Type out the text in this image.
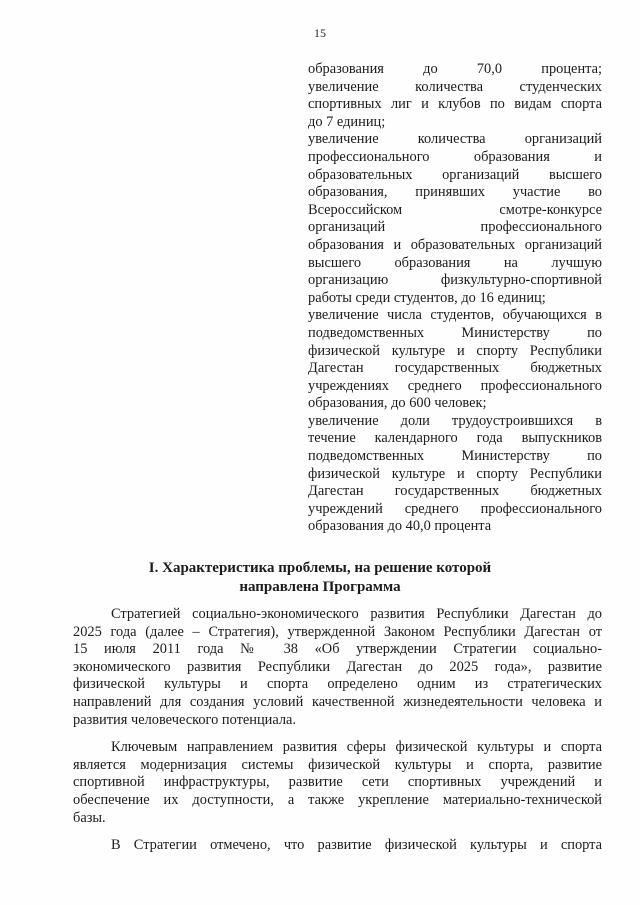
15
образования до 70,0 процента;
увеличение количества студенческих
спортивных лиг и клубов по видам спорта
до 7 единиц;
увеличение количества организаций
профессионального образования и
образовательных организаций высшего
образования, принявших участие во
Всероссийском смотре-конкурсе
организаций профессионального
образования и образовательных организаций
высшего образования на лучшую
организацию физкультурно-спортивной
работы среди студентов, до 16 единиц;
увеличение числа студентов, обучающихся в
подведомственных Министерству по
физической культуре и спорту Республики
Дагестан государственных бюджетных
учреждениях среднего профессионального
образования, до 600 человек;
увеличение доли трудоустроившихся в
течение календарного года выпускников
подведомственных Министерству по
физической культуре и спорту Республики
Дагестан государственных бюджетных
учреждений среднего профессионального
образования до 40,0 процента
I. Характеристика проблемы, на решение которой
направлена Программа
Стратегией социально-экономического развития Республики Дагестан до
2025 года (далее – Стратегия), утвержденной Законом Республики Дагестан от
15 июля 2011 года № 38 «Об утверждении Стратегии социально-
экономического развития Республики Дагестан до 2025 года», развитие
физической культуры и спорта определено одним из стратегических
направлений для создания условий качественной жизнедеятельности человека и
развития человеческого потенциала.
Ключевым направлением развития сферы физической культуры и спорта
является модернизация системы физической культуры и спорта, развитие
спортивной инфраструктуры, развитие сети спортивных учреждений и
обеспечение их доступности, а также укрепление материально-технической
базы.
В Стратегии отмечено, что развитие физической культуры и спорта
